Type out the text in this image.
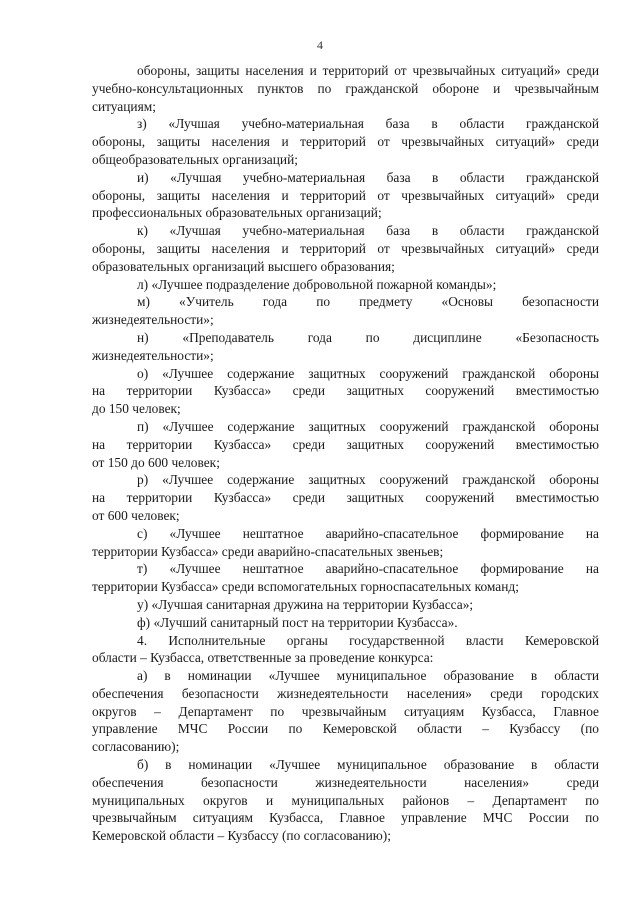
4
обороны, защиты населения и территорий от чрезвычайных ситуаций» среди
учебно-консультационных пунктов по гражданской обороне и чрезвычайным
ситуациям;
з) «Лучшая учебно-материальная база в области гражданской
обороны, защиты населения и территорий от чрезвычайных ситуаций» среди
общеобразовательных организаций;
и) «Лучшая учебно-материальная база в области гражданской
обороны, защиты населения и территорий от чрезвычайных ситуаций» среди
профессиональных образовательных организаций;
к) «Лучшая учебно-материальная база в области гражданской
обороны, защиты населения и территорий от чрезвычайных ситуаций» среди
образовательных организаций высшего образования;
л) «Лучшее подразделение добровольной пожарной команды»;
м) «Учитель года по предмету «Основы безопасности
жизнедеятельности»;
н) «Преподаватель года по дисциплине «Безопасность
жизнедеятельности»;
о) «Лучшее содержание защитных сооружений гражданской обороны
на территории Кузбасса» среди защитных сооружений вместимостью
до 150 человек;
п) «Лучшее содержание защитных сооружений гражданской обороны
на территории Кузбасса» среди защитных сооружений вместимостью
от 150 до 600 человек;
р) «Лучшее содержание защитных сооружений гражданской обороны
на территории Кузбасса» среди защитных сооружений вместимостью
от 600 человек;
с) «Лучшее нештатное аварийно-спасательное формирование на
территории Кузбасса» среди аварийно-спасательных звеньев;
т) «Лучшее нештатное аварийно-спасательное формирование на
территории Кузбасса» среди вспомогательных горноспасательных команд;
у) «Лучшая санитарная дружина на территории Кузбасса»;
ф) «Лучший санитарный пост на территории Кузбасса».
4. Исполнительные органы государственной власти Кемеровской
области – Кузбасса, ответственные за проведение конкурса:
а) в номинации «Лучшее муниципальное образование в области
обеспечения безопасности жизнедеятельности населения» среди городских
округов – Департамент по чрезвычайным ситуациям Кузбасса, Главное
управление МЧС России по Кемеровской области – Кузбассу (по
согласованию);
б) в номинации «Лучшее муниципальное образование в области
обеспечения безопасности жизнедеятельности населения» среди
муниципальных округов и муниципальных районов – Департамент по
чрезвычайным ситуациям Кузбасса, Главное управление МЧС России по
Кемеровской области – Кузбассу (по согласованию);
